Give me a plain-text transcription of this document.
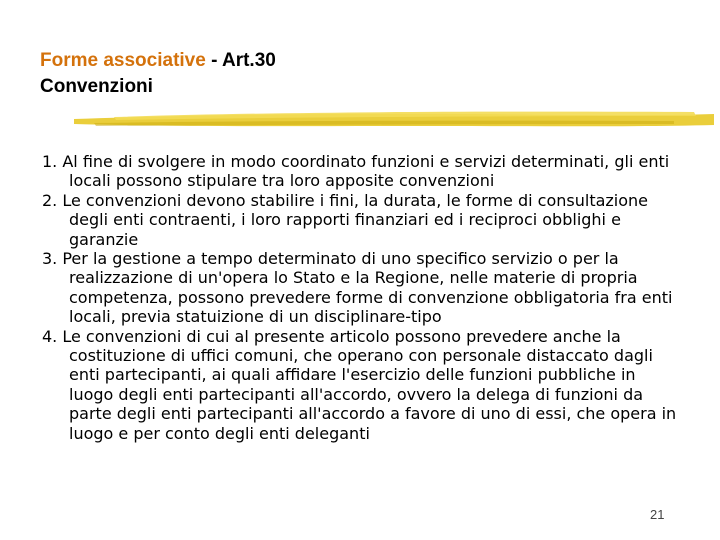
Forme associative - Art.30
Convenzioni
1. Al fine di svolgere in modo coordinato funzioni e servizi determinati, gli enti locali possono stipulare tra loro apposite convenzioni
2. Le convenzioni devono stabilire i fini, la durata, le forme di consultazione degli enti contraenti, i loro rapporti finanziari ed i reciproci obblighi e garanzie
3. Per la gestione a tempo determinato di uno specifico servizio o per la realizzazione di un'opera lo Stato e la Regione, nelle materie di propria competenza, possono prevedere forme di convenzione obbligatoria fra enti locali, previa statuizione di un disciplinare-tipo
4. Le convenzioni di cui al presente articolo possono prevedere anche la costituzione di uffici comuni, che operano con personale distaccato dagli enti partecipanti, ai quali affidare l'esercizio delle funzioni pubbliche in luogo degli enti partecipanti all'accordo, ovvero la delega di funzioni da parte degli enti partecipanti all'accordo a favore di uno di essi, che opera in luogo e per conto degli enti deleganti
21
